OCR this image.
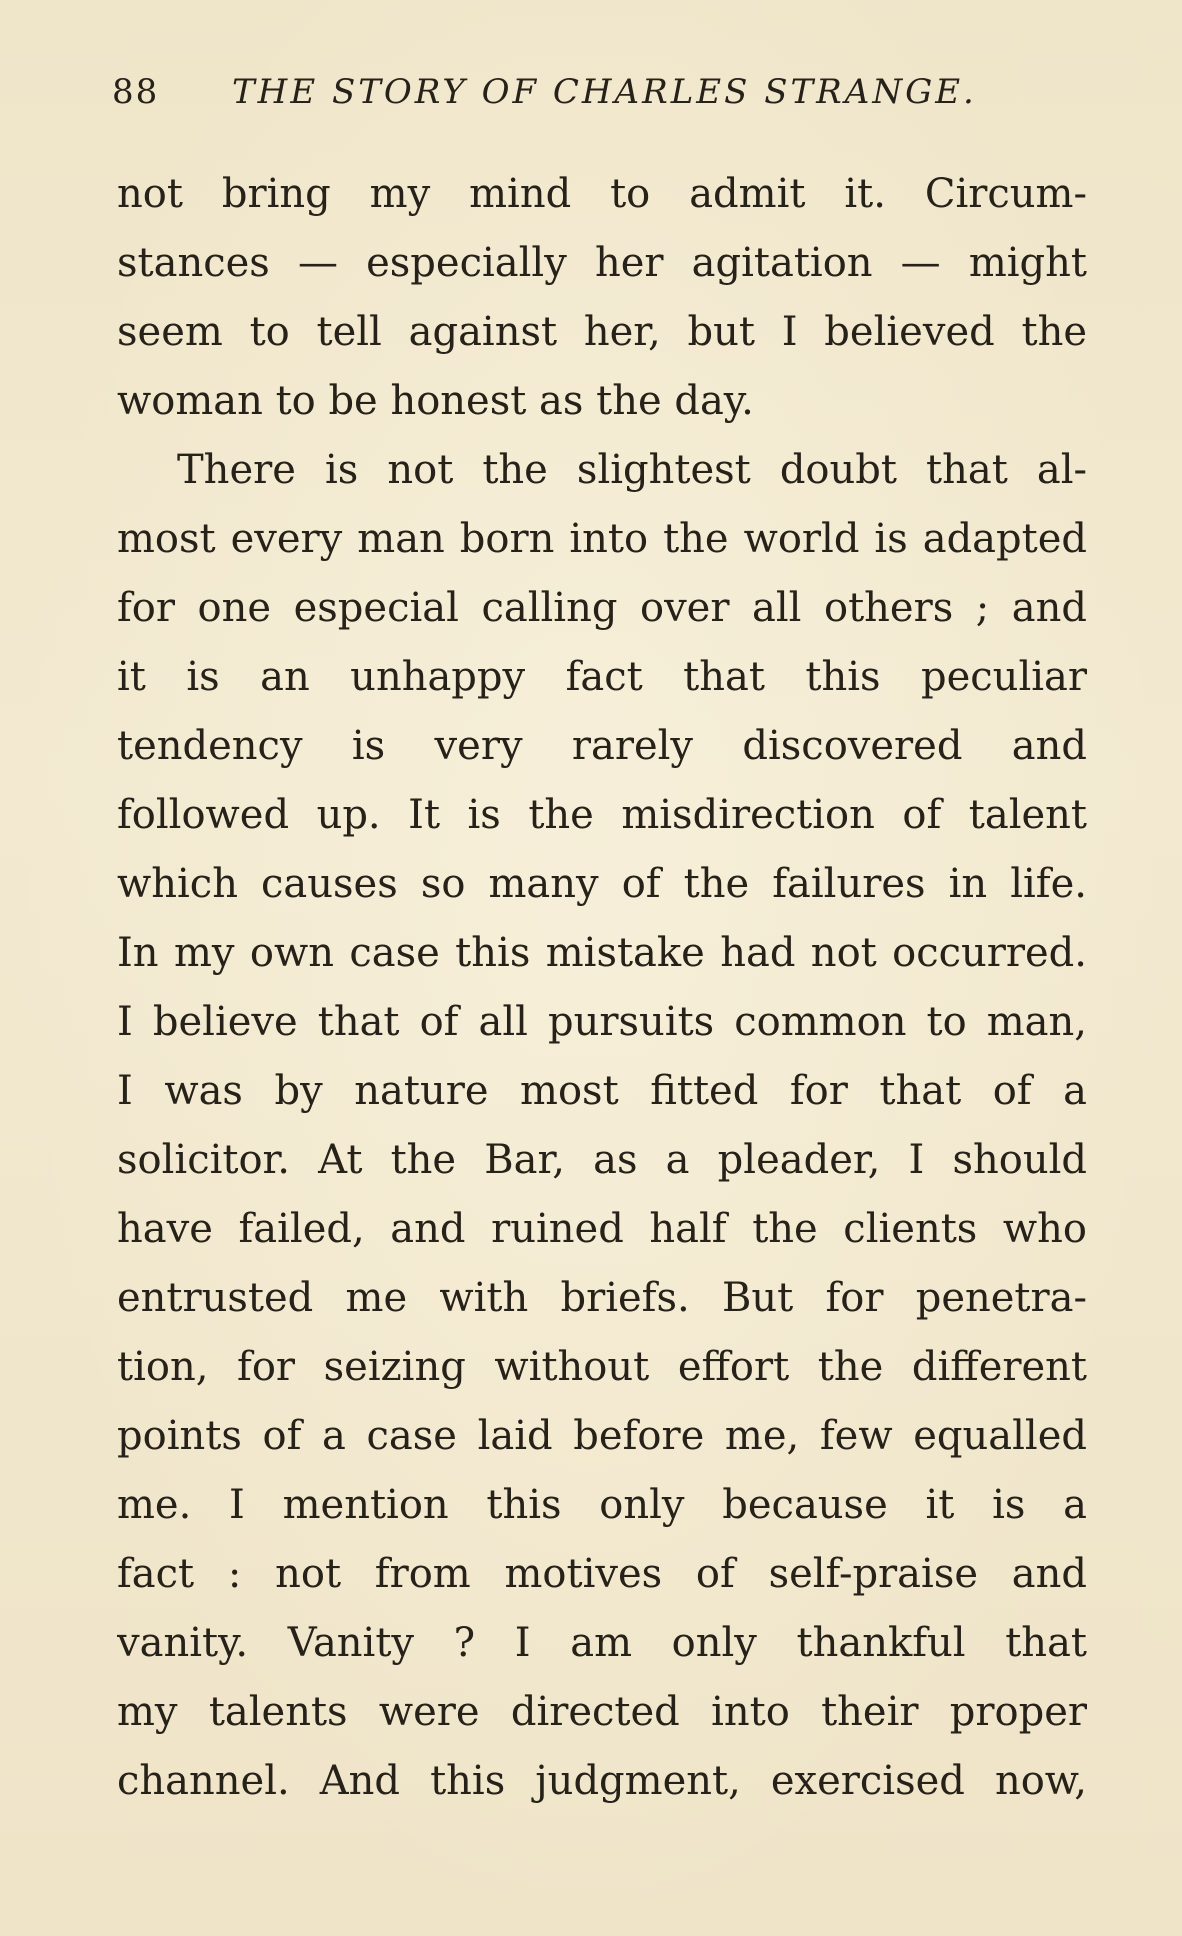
88 THE STORY OF CHARLES STRANGE.
not bring my mind to admit it. Circum-
stances — especially her agitation — might
seem to tell against her, but I believed the
woman to be honest as the day.
There is not the slightest doubt that al-
most every man born into the world is adapted
for one especial calling over all others ; and
it is an unhappy fact that this peculiar
tendency is very rarely discovered and
followed up. It is the misdirection of talent
which causes so many of the failures in life.
In my own case this mistake had not occurred.
I believe that of all pursuits common to man,
I was by nature most fitted for that of a
solicitor. At the Bar, as a pleader, I should
have failed, and ruined half the clients who
entrusted me with briefs. But for penetra-
tion, for seizing without effort the different
points of a case laid before me, few equalled
me. I mention this only because it is a
fact : not from motives of self-praise and
vanity. Vanity ? I am only thankful that
my talents were directed into their proper
channel. And this judgment, exercised now,
